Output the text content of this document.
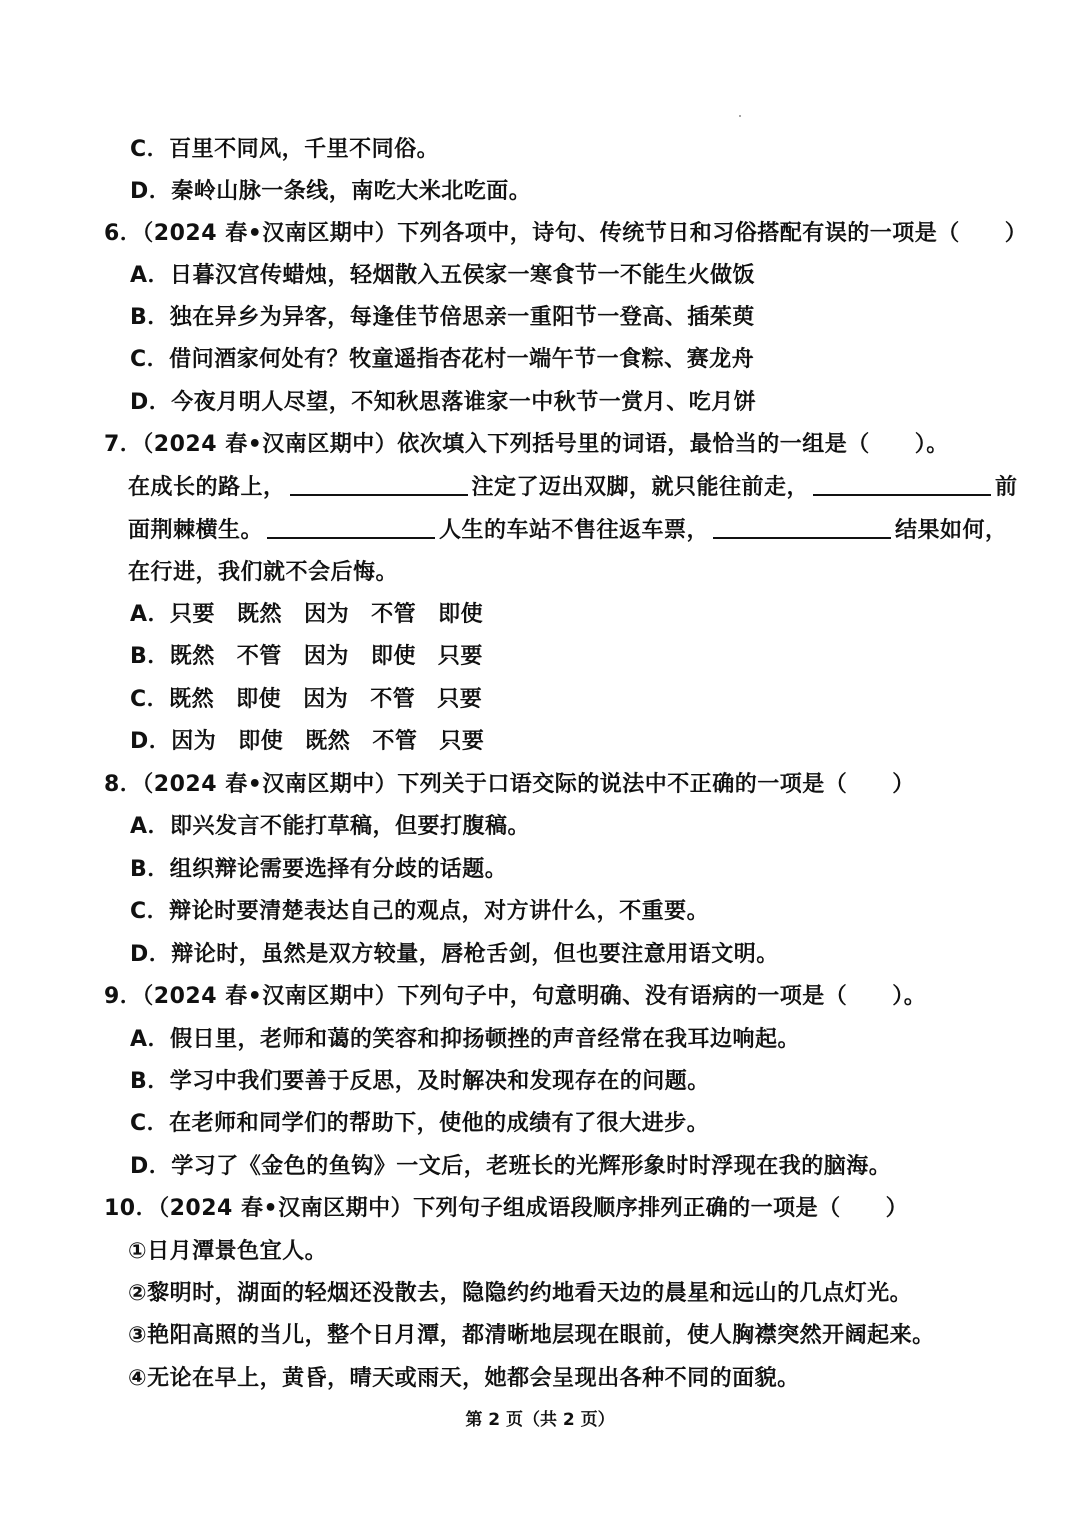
C．百里不同风，千里不同俗。
D．秦岭山脉一条线，南吃大米北吃面。
6．（2024 春•汉南区期中）下列各项中，诗句、传统节日和习俗搭配有误的一项是（　　）
A．日暮汉宫传蜡烛，轻烟散入五侯家一寒食节一不能生火做饭
B．独在异乡为异客，每逢佳节倍思亲一重阳节一登高、插茱萸
C．借问酒家何处有？牧童遥指杏花村一端午节一食粽、赛龙舟
D．今夜月明人尽望，不知秋思落谁家一中秋节一赏月、吃月饼
7．（2024 春•汉南区期中）依次填入下列括号里的词语，最恰当的一组是（　　）。
在成长的路上，	注定了迈出双脚，就只能往前走，	前
面荆棘横生。	人生的车站不售往返车票，	结果如何，
在行进，我们就不会后悔。
A．只要 既然 因为 不管 即使
B．既然 不管 因为 即使 只要
C．既然 即使 因为 不管 只要
D．因为 即使 既然 不管 只要
8．（2024 春•汉南区期中）下列关于口语交际的说法中不正确的一项是（　　）
A．即兴发言不能打草稿，但要打腹稿。
B．组织辩论需要选择有分歧的话题。
C．辩论时要清楚表达自己的观点，对方讲什么，不重要。
D．辩论时，虽然是双方较量，唇枪舌剑，但也要注意用语文明。
9．（2024 春•汉南区期中）下列句子中，句意明确、没有语病的一项是（　　）。
A．假日里，老师和蔼的笑容和抑扬顿挫的声音经常在我耳边响起。
B．学习中我们要善于反思，及时解决和发现存在的问题。
C．在老师和同学们的帮助下，使他的成绩有了很大进步。
D．学习了《金色的鱼钩》一文后，老班长的光辉形象时时浮现在我的脑海。
10．（2024 春•汉南区期中）下列句子组成语段顺序排列正确的一项是（　　）
①日月潭景色宜人。
②黎明时，湖面的轻烟还没散去，隐隐约约地看天边的晨星和远山的几点灯光。
③艳阳高照的当儿，整个日月潭，都清晰地层现在眼前，使人胸襟突然开阔起来。
④无论在早上，黄昏，晴天或雨天，她都会呈现出各种不同的面貌。
第 2 页（共 2 页）
